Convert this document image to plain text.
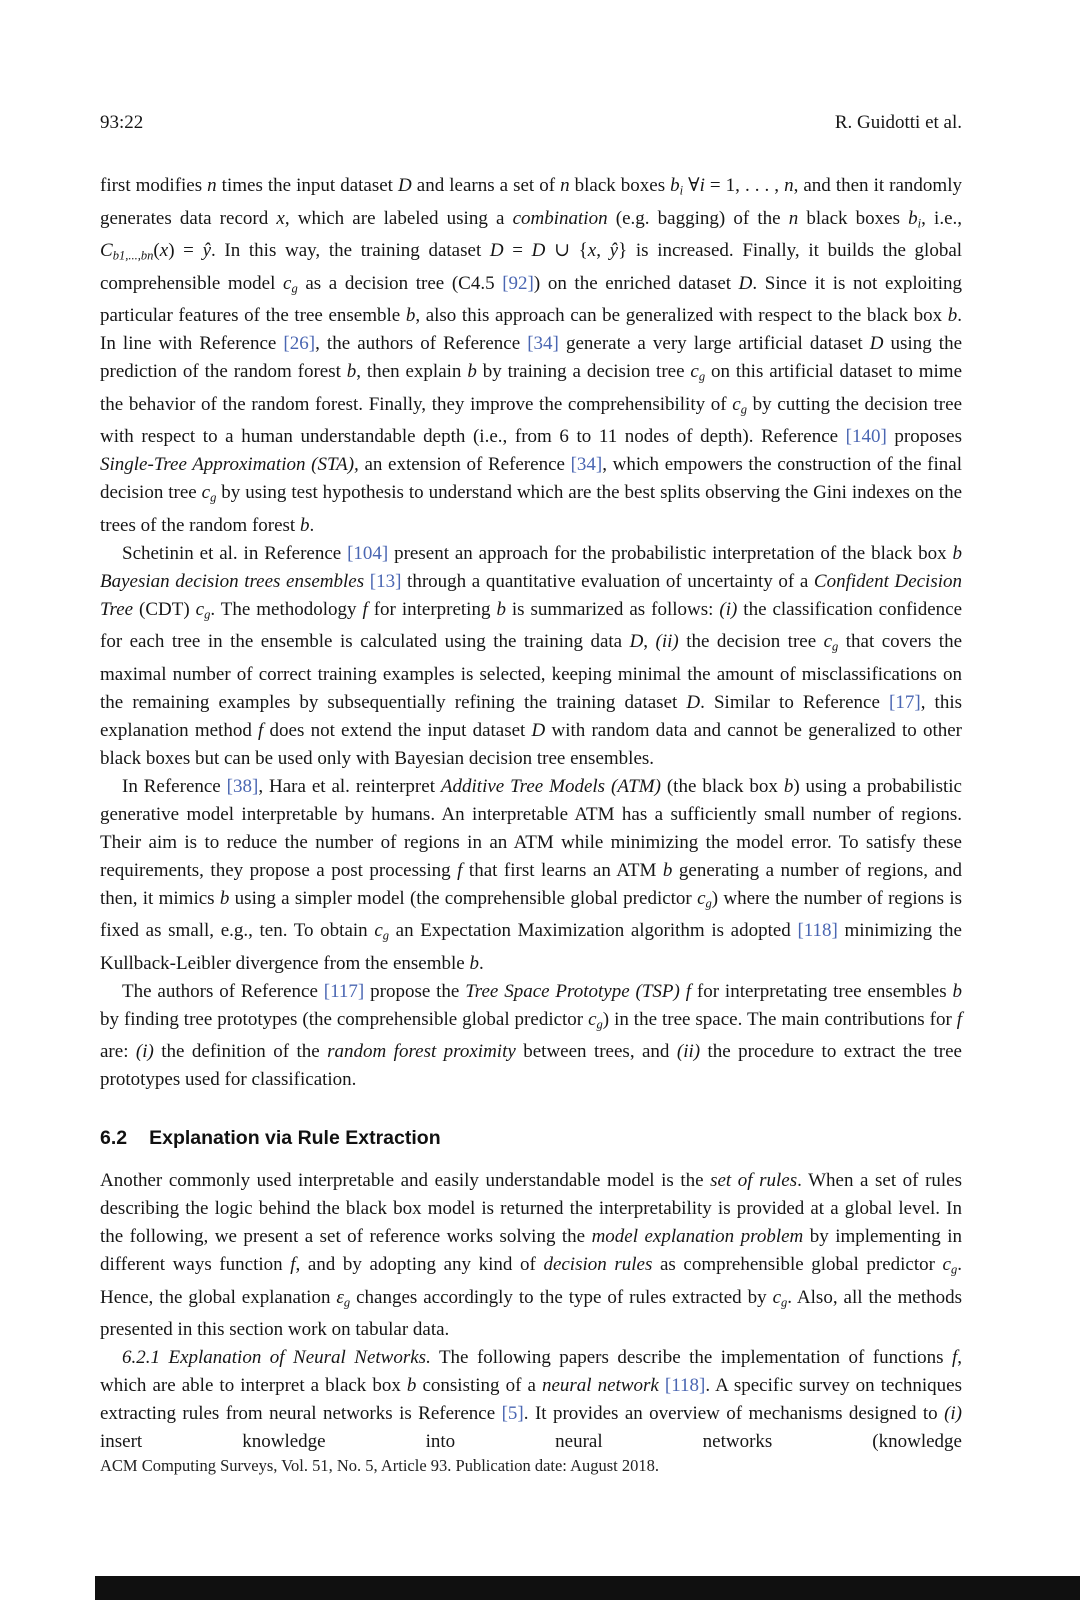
93:22	R. Guidotti et al.

first modifies n times the input dataset D and learns a set of n black boxes bi ∀i = 1, . . . , n, and then it randomly generates data record x, which are labeled using a combination (e.g. bagging) of the n black boxes bi, i.e., Cb1,...,bn(x) = ŷ. In this way, the training dataset D = D ∪ {x, ŷ} is increased. Finally, it builds the global comprehensible model cg as a decision tree (C4.5 [92]) on the enriched dataset D. Since it is not exploiting particular features of the tree ensemble b, also this approach can be generalized with respect to the black box b. In line with Reference [26], the authors of Reference [34] generate a very large artificial dataset D using the prediction of the random forest b, then explain b by training a decision tree cg on this artificial dataset to mime the behavior of the random forest. Finally, they improve the comprehensibility of cg by cutting the decision tree with respect to a human understandable depth (i.e., from 6 to 11 nodes of depth). Reference [140] proposes Single-Tree Approximation (STA), an extension of Reference [34], which empowers the construction of the final decision tree cg by using test hypothesis to understand which are the best splits observing the Gini indexes on the trees of the random forest b.

Schetinin et al. in Reference [104] present an approach for the probabilistic interpretation of the black box b Bayesian decision trees ensembles [13] through a quantitative evaluation of uncertainty of a Confident Decision Tree (CDT) cg. The methodology f for interpreting b is summarized as follows: (i) the classification confidence for each tree in the ensemble is calculated using the training data D, (ii) the decision tree cg that covers the maximal number of correct training examples is selected, keeping minimal the amount of misclassifications on the remaining examples by subsequentially refining the training dataset D. Similar to Reference [17], this explanation method f does not extend the input dataset D with random data and cannot be generalized to other black boxes but can be used only with Bayesian decision tree ensembles.

In Reference [38], Hara et al. reinterpret Additive Tree Models (ATM) (the black box b) using a probabilistic generative model interpretable by humans. An interpretable ATM has a sufficiently small number of regions. Their aim is to reduce the number of regions in an ATM while minimizing the model error. To satisfy these requirements, they propose a post processing f that first learns an ATM b generating a number of regions, and then, it mimics b using a simpler model (the comprehensible global predictor cg) where the number of regions is fixed as small, e.g., ten. To obtain cg an Expectation Maximization algorithm is adopted [118] minimizing the Kullback-Leibler divergence from the ensemble b.

The authors of Reference [117] propose the Tree Space Prototype (TSP) f for interpretating tree ensembles b by finding tree prototypes (the comprehensible global predictor cg) in the tree space. The main contributions for f are: (i) the definition of the random forest proximity between trees, and (ii) the procedure to extract the tree prototypes used for classification.

6.2 Explanation via Rule Extraction

Another commonly used interpretable and easily understandable model is the set of rules. When a set of rules describing the logic behind the black box model is returned the interpretability is provided at a global level. In the following, we present a set of reference works solving the model explanation problem by implementing in different ways function f, and by adopting any kind of decision rules as comprehensible global predictor cg. Hence, the global explanation εg changes accordingly to the type of rules extracted by cg. Also, all the methods presented in this section work on tabular data.

6.2.1 Explanation of Neural Networks. The following papers describe the implementation of functions f, which are able to interpret a black box b consisting of a neural network [118]. A specific survey on techniques extracting rules from neural networks is Reference [5]. It provides an overview of mechanisms designed to (i) insert knowledge into neural networks (knowledge

ACM Computing Surveys, Vol. 51, No. 5, Article 93. Publication date: August 2018.
